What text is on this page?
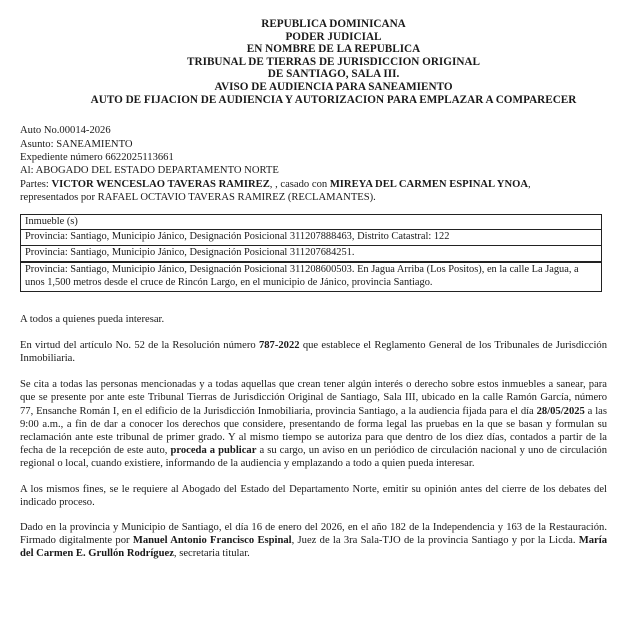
REPUBLICA DOMINICANA
PODER JUDICIAL
EN NOMBRE DE LA REPUBLICA
TRIBUNAL DE TIERRAS DE JURISDICCION ORIGINAL
DE SANTIAGO, SALA III.
AVISO DE AUDIENCIA PARA SANEAMIENTO
AUTO DE FIJACION DE AUDIENCIA Y AUTORIZACION PARA EMPLAZAR A COMPARECER
Auto No.00014-2026
Asunto: SANEAMIENTO
Expediente número 6622025113661
Al: ABOGADO DEL ESTADO DEPARTAMENTO NORTE
Partes: VICTOR WENCESLAO TAVERAS RAMIREZ, , casado con MIREYA DEL CARMEN ESPINAL YNOA,
representados por RAFAEL OCTAVIO TAVERAS RAMIREZ (RECLAMANTES).
Inmueble (s)
Provincia: Santiago, Municipio Jánico, Designación Posicional 311207888463, Distrito Catastral: 122
Provincia: Santiago, Municipio Jánico, Designación Posicional 311207684251.
Provincia: Santiago, Municipio Jánico, Designación Posicional 311208600503. En Jagua Arriba (Los Positos), en la calle La Jagua, a unos 1,500 metros desde el cruce de Rincón Largo, en el municipio de Jánico, provincia Santiago.

A todos a quienes pueda interesar.

En virtud del artículo No. 52 de la Resolución número 787-2022 que establece el Reglamento General de los Tribunales de Jurisdicción Inmobiliaria.

Se cita a todas las personas mencionadas y a todas aquellas que crean tener algún interés o derecho sobre estos inmuebles a sanear, para que se presente por ante este Tribunal Tierras de Jurisdicción Original de Santiago, Sala III, ubicado en la calle Ramón García, número 77, Ensanche Román I, en el edificio de la Jurisdicción Inmobiliaria, provincia Santiago, a la audiencia fijada para el día 28/05/2025 a las 9:00 a.m., a fin de dar a conocer los derechos que considere, presentando de forma legal las pruebas en la que se basan y formulan su reclamación ante este tribunal de primer grado. Y al mismo tiempo se autoriza para que dentro de los diez días, contados a partir de la fecha de la recepción de este auto, proceda a publicar a su cargo, un aviso en un periódico de circulación nacional y uno de circulación regional o local, cuando existiere, informando de la audiencia y emplazando a todo a quien pueda interesar.

A los mismos fines, se le requiere al Abogado del Estado del Departamento Norte, emitir su opinión antes del cierre de los debates del indicado proceso.

Dado en la provincia y Municipio de Santiago, el día 16 de enero del 2026, en el año 182 de la Independencia y 163 de la Restauración. Firmado digitalmente por Manuel Antonio Francisco Espinal, Juez de la 3ra Sala-TJO de la provincia Santiago y por la Licda. María del Carmen E. Grullón Rodríguez, secretaria titular.
